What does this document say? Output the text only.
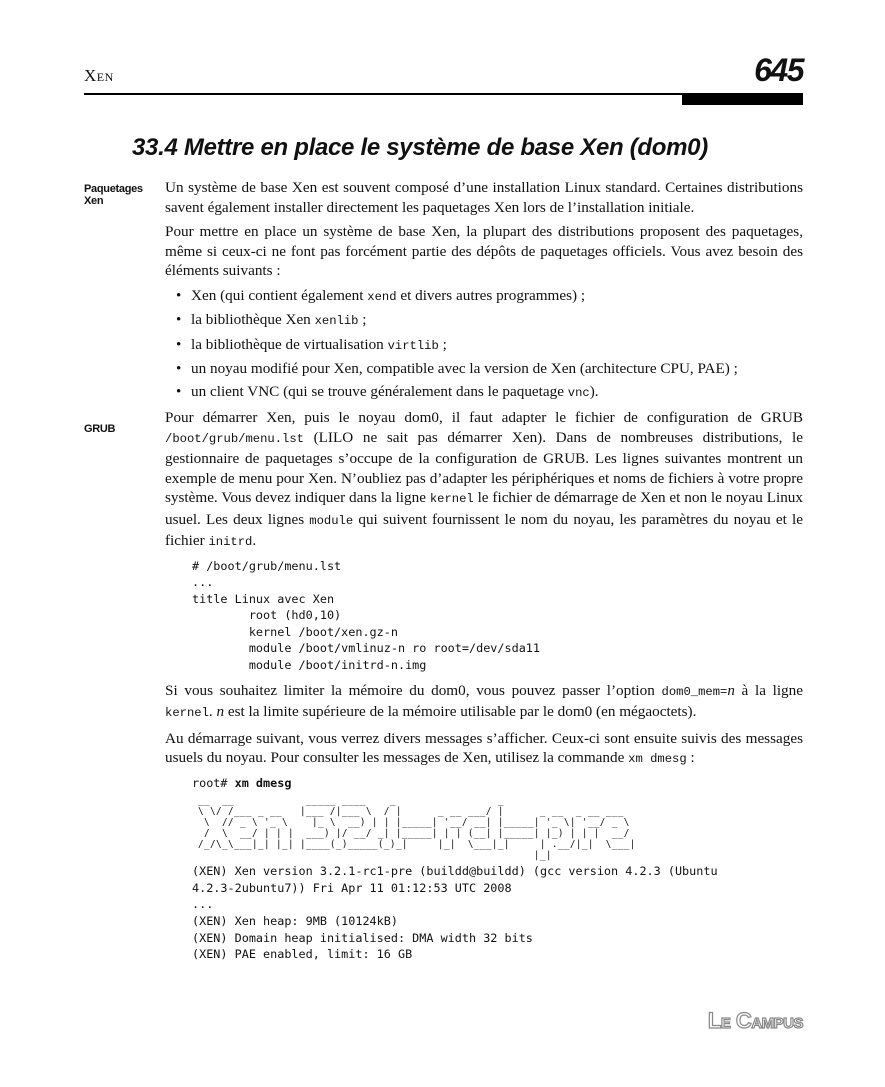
Xen	645
33.4 Mettre en place le système de base Xen (dom0)
Paquetages Xen
GRUB

Un système de base Xen est souvent composé d’une installation Linux standard. Certaines distributions savent également installer directement les paquetages Xen lors de l’installation initiale.

Pour mettre en place un système de base Xen, la plupart des distributions proposent des paquetages, même si ceux-ci ne font pas forcément partie des dépôts de paquetages officiels. Vous avez besoin des éléments suivants :

• Xen (qui contient également xend et divers autres programmes) ;
• la bibliothèque Xen xenlib ;
• la bibliothèque de virtualisation virtlib ;
• un noyau modifié pour Xen, compatible avec la version de Xen (architecture CPU, PAE) ;
• un client VNC (qui se trouve généralement dans le paquetage vnc).

Pour démarrer Xen, puis le noyau dom0, il faut adapter le fichier de configuration de GRUB /boot/grub/menu.lst (LILO ne sait pas démarrer Xen). Dans de nombreuses distributions, le gestionnaire de paquetages s’occupe de la configuration de GRUB. Les lignes suivantes montrent un exemple de menu pour Xen. N’oubliez pas d’adapter les périphériques et noms de fichiers à votre propre système. Vous devez indiquer dans la ligne kernel le fichier de démarrage de Xen et non le noyau Linux usuel. Les deux lignes module qui suivent fournissent le nom du noyau, les paramètres du noyau et le fichier initrd.

# /boot/grub/menu.lst
...
title Linux avec Xen
root (hd0,10)
kernel /boot/xen.gz-n
module /boot/vmlinuz-n ro root=/dev/sda11
module /boot/initrd-n.img

Si vous souhaitez limiter la mémoire du dom0, vous pouvez passer l’option dom0_mem=n à la ligne kernel. n est la limite supérieure de la mémoire utilisable par le dom0 (en mégaoctets).

Au démarrage suivant, vous verrez divers messages s’afficher. Ceux-ci sont ensuite suivis des messages usuels du noyau. Pour consulter les messages de Xen, utilisez la commande xm dmesg :

root# xm dmesg
__  __            _____ ____    _                 _
\ \/ /___ _ __   |___ /|___ \  / |      _ __ ___/ |      _ __  _ __ ___
\  // _ \ '_ \    |_ \  __) | | |_____| '__/ __| |_____| '_ \| '__/ _ \
/  \  __/ | | |  ___) |/ __/ _| |_____| | | (__| |_____| |_) | | |  __/
/_/\_\___|_| |_| |____(_)_____(_)_|     |_|  \___|_|     | .__/|_|  \___|
|_|
(XEN) Xen version 3.2.1-rc1-pre (buildd@buildd) (gcc version 4.2.3 (Ubuntu
4.2.3-2ubuntu7)) Fri Apr 11 01:12:53 UTC 2008
...
(XEN) Xen heap: 9MB (10124kB)
(XEN) Domain heap initialised: DMA width 32 bits
(XEN) PAE enabled, limit: 16 GB
Le Campus
